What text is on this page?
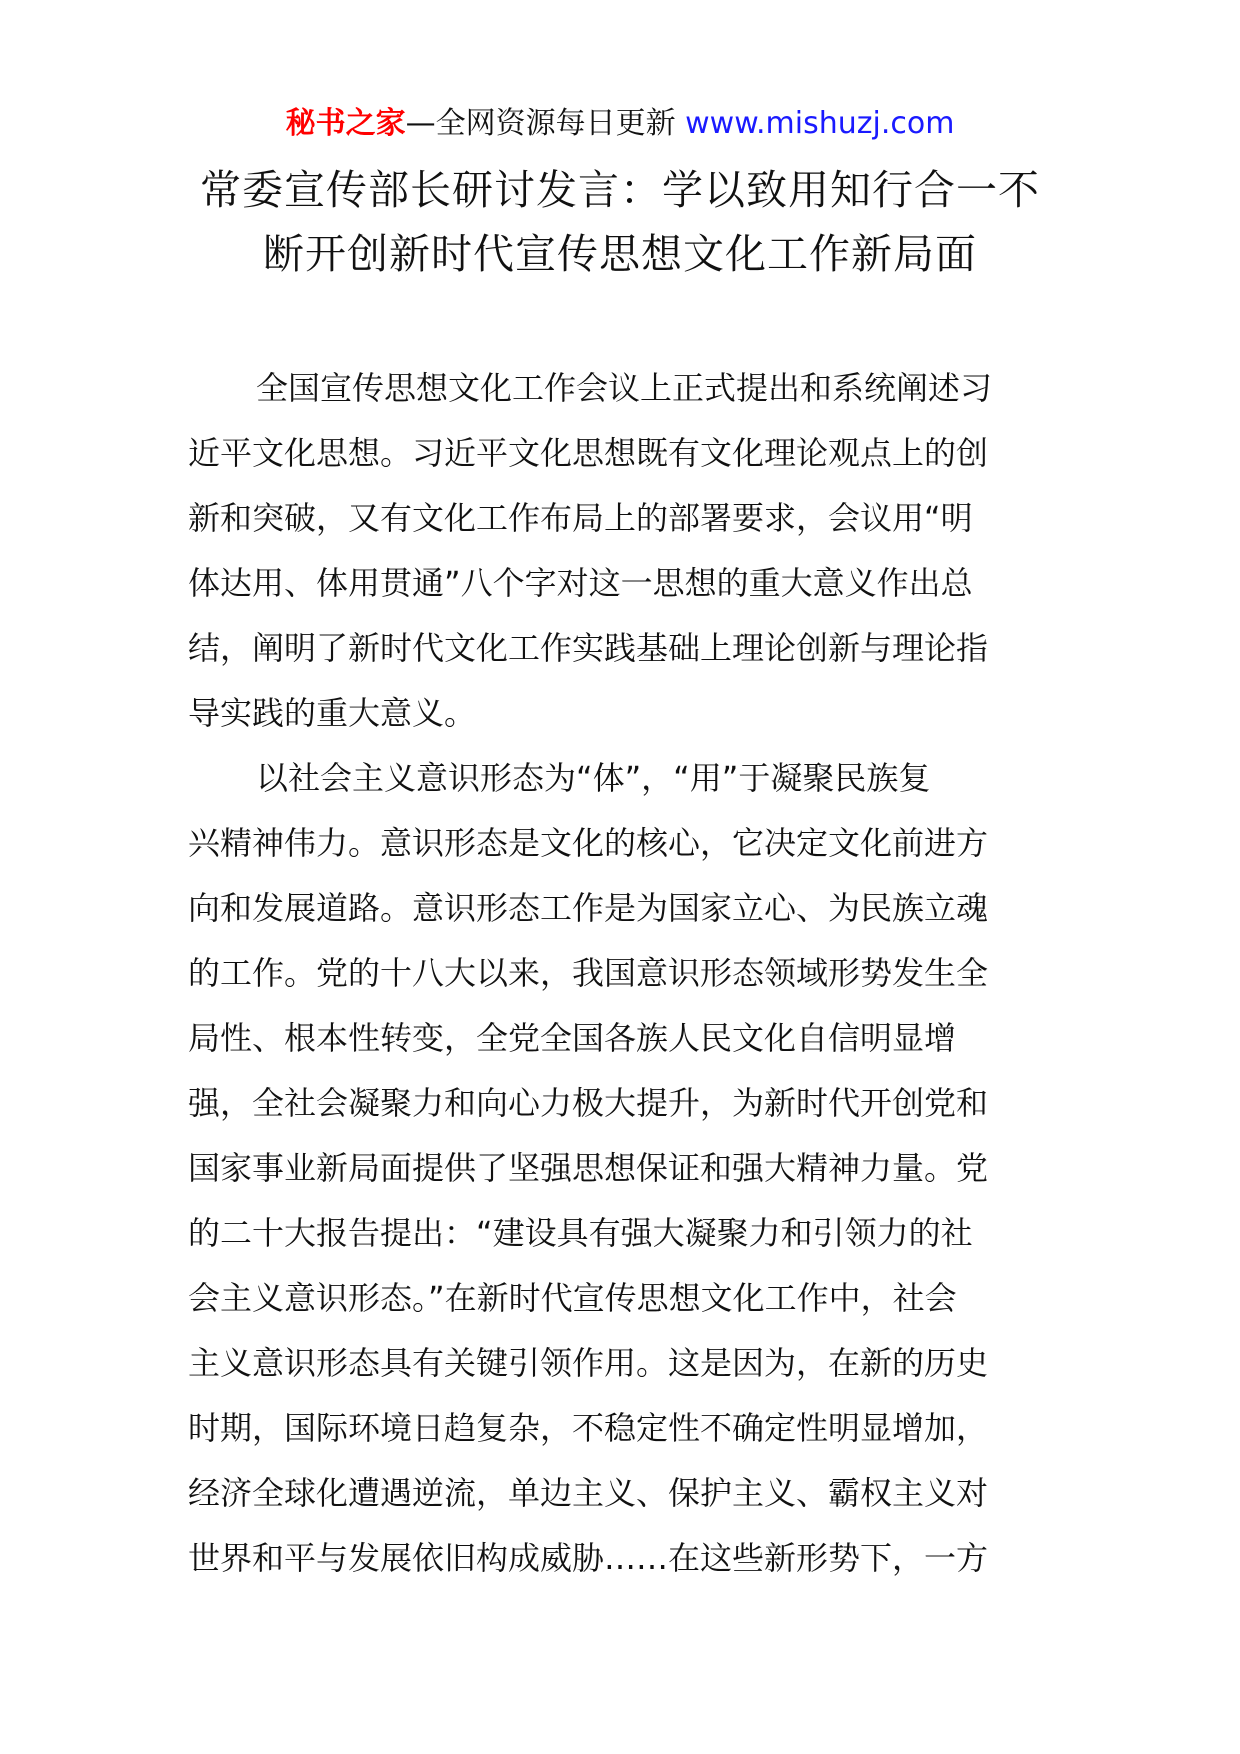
秘书之家—全网资源每日更新 www.mishuzj.com
常委宣传部长研讨发言：学以致用知行合一不
断开创新时代宣传思想文化工作新局面
全国宣传思想文化工作会议上正式提出和系统阐述习
近平文化思想。习近平文化思想既有文化理论观点上的创
新和突破，又有文化工作布局上的部署要求，会议用“明
体达用、体用贯通”八个字对这一思想的重大意义作出总
结，阐明了新时代文化工作实践基础上理论创新与理论指
导实践的重大意义。
以社会主义意识形态为“体”，“用”于凝聚民族复
兴精神伟力。意识形态是文化的核心，它决定文化前进方
向和发展道路。意识形态工作是为国家立心、为民族立魂
的工作。党的十八大以来，我国意识形态领域形势发生全
局性、根本性转变，全党全国各族人民文化自信明显增
强，全社会凝聚力和向心力极大提升，为新时代开创党和
国家事业新局面提供了坚强思想保证和强大精神力量。党
的二十大报告提出：“建设具有强大凝聚力和引领力的社
会主义意识形态。”在新时代宣传思想文化工作中，社会
主义意识形态具有关键引领作用。这是因为，在新的历史
时期，国际环境日趋复杂，不稳定性不确定性明显增加，
经济全球化遭遇逆流，单边主义、保护主义、霸权主义对
世界和平与发展依旧构成威胁……在这些新形势下，一方
